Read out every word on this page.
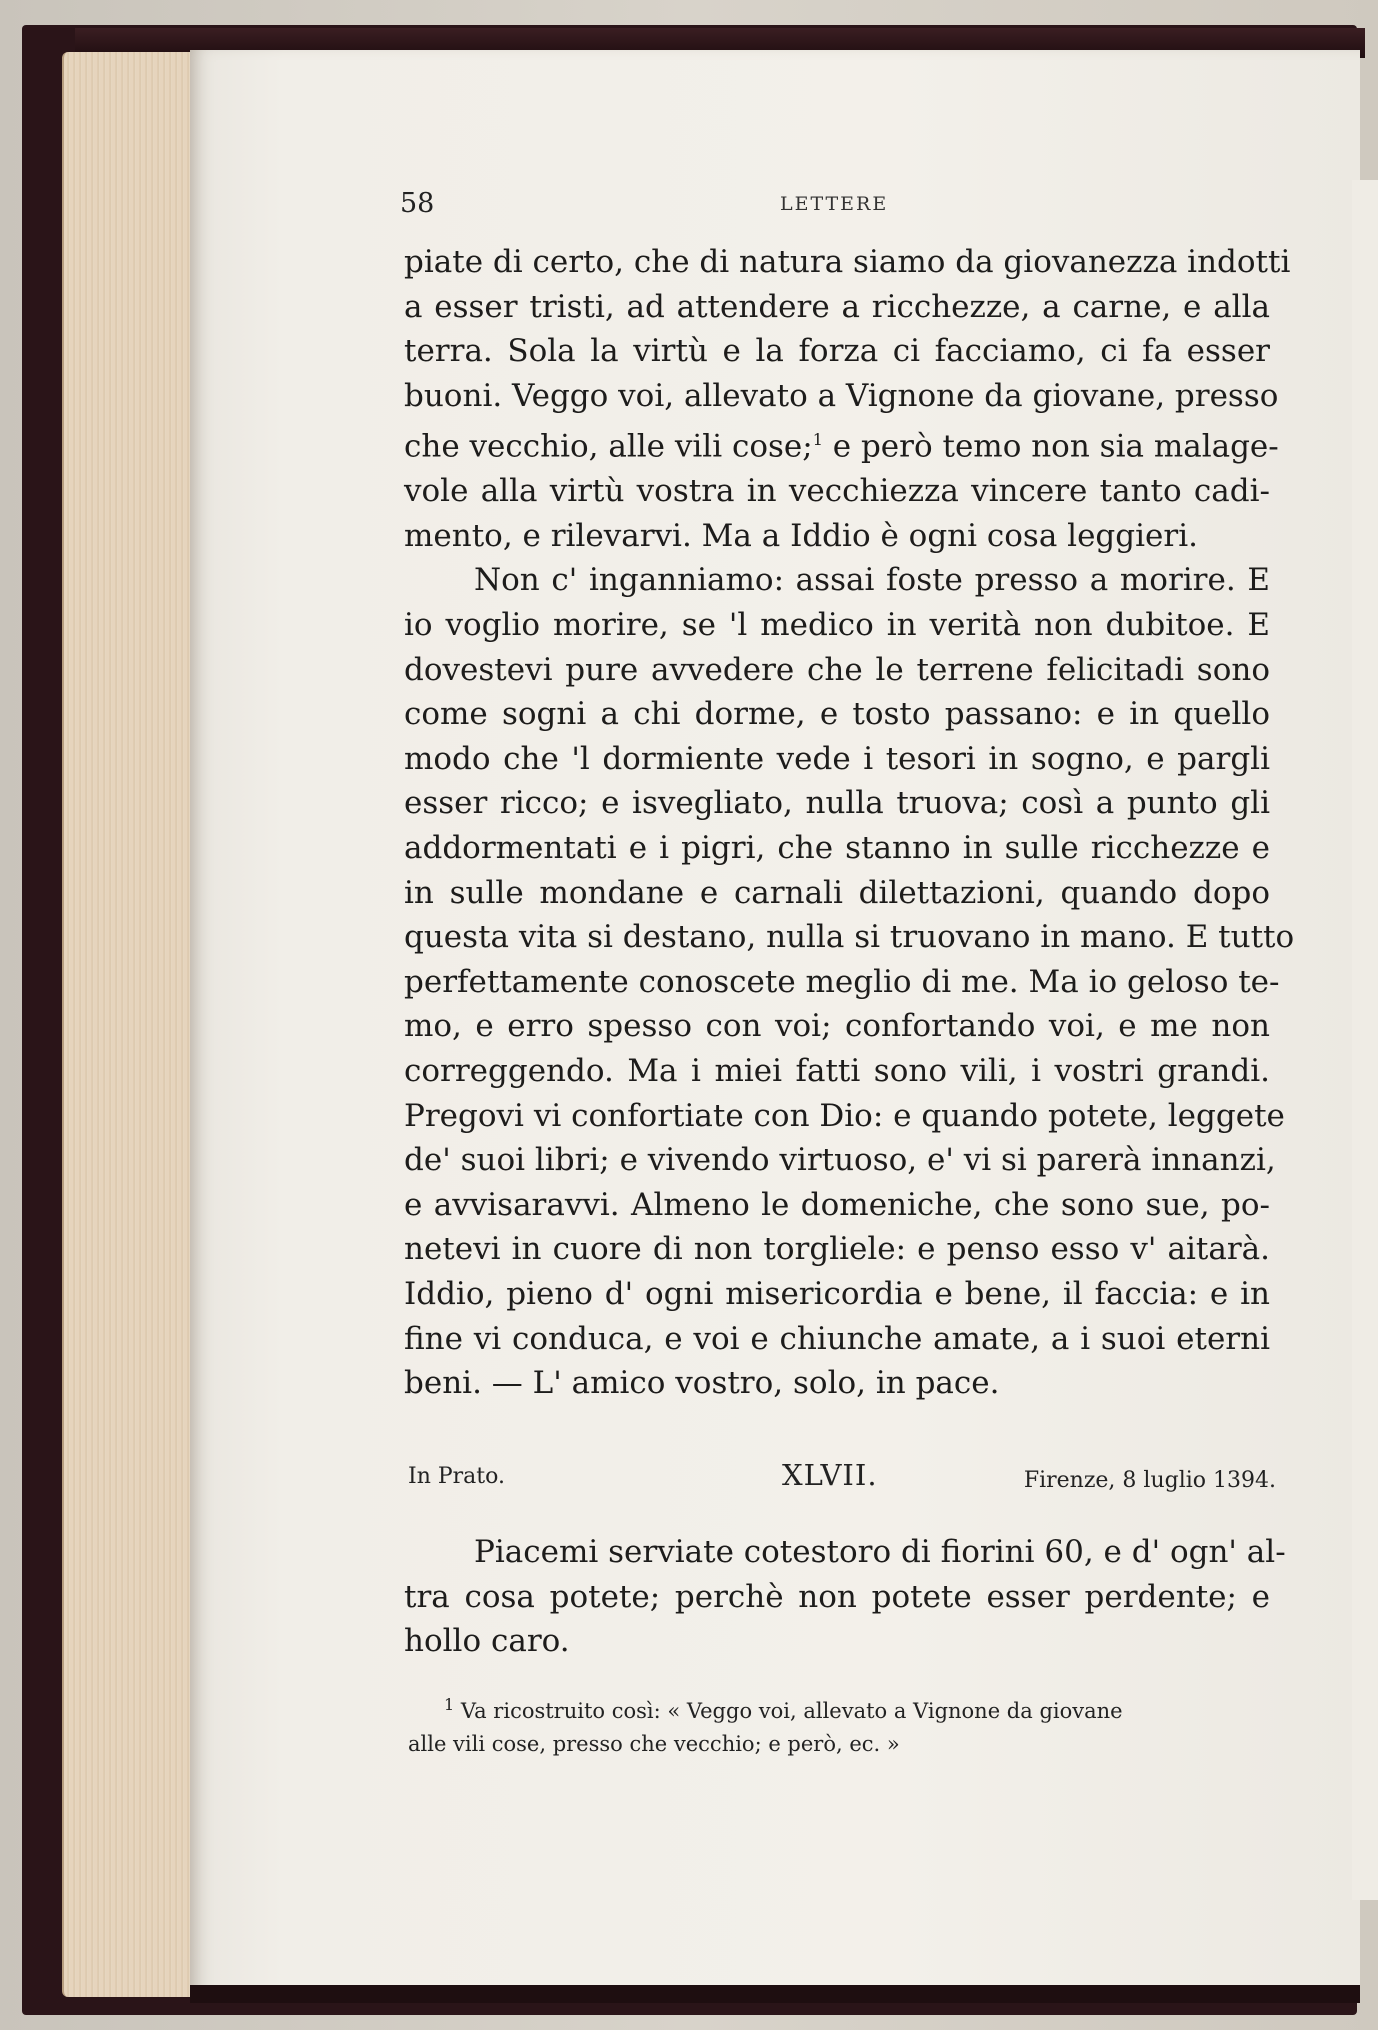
58	LETTERE
piate di certo, che di natura siamo da giovanezza indotti
a esser tristi, ad attendere a ricchezze, a carne, e alla
terra. Sola la virtù e la forza ci facciamo, ci fa esser
buoni. Veggo voi, allevato a Vignone da giovane, presso
che vecchio, alle vili cose;$^1$ e però temo non sia malage-
vole alla virtù vostra in vecchiezza vincere tanto cadi-
mento, e rilevarvi. Ma a Iddio è ogni cosa leggieri.
Non c' inganniamo: assai foste presso a morire. E
io voglio morire, se 'l medico in verità non dubitoe. E
dovestevi pure avvedere che le terrene felicitadi sono
come sogni a chi dorme, e tosto passano: e in quello
modo che 'l dormiente vede i tesori in sogno, e pargli
esser ricco; e isvegliato, nulla truova; così a punto gli
addormentati e i pigri, che stanno in sulle ricchezze e
in sulle mondane e carnali dilettazioni, quando dopo
questa vita si destano, nulla si truovano in mano. E tutto
perfettamente conoscete meglio di me. Ma io geloso te-
mo, e erro spesso con voi; confortando voi, e me non
correggendo. Ma i miei fatti sono vili, i vostri grandi.
Pregovi vi confortiate con Dio: e quando potete, leggete
de' suoi libri; e vivendo virtuoso, e' vi si parerà innanzi,
e avvisaravvi. Almeno le domeniche, che sono sue, po-
netevi in cuore di non torgliele: e penso esso v' aitarà.
Iddio, pieno d' ogni misericordia e bene, il faccia: e in
fine vi conduca, e voi e chiunche amate, a i suoi eterni
beni. — L' amico vostro, solo, in pace.
In Prato.	XLVII.	Firenze, 8 luglio 1394.
Piacemi serviate cotestoro di fiorini 60, e d' ogn' al-
tra cosa potete; perchè non potete esser perdente; e
hollo caro.
$^1$ Va ricostruito così: « Veggo voi, allevato a Vignone da giovane
alle vili cose, presso che vecchio; e però, ec. »
